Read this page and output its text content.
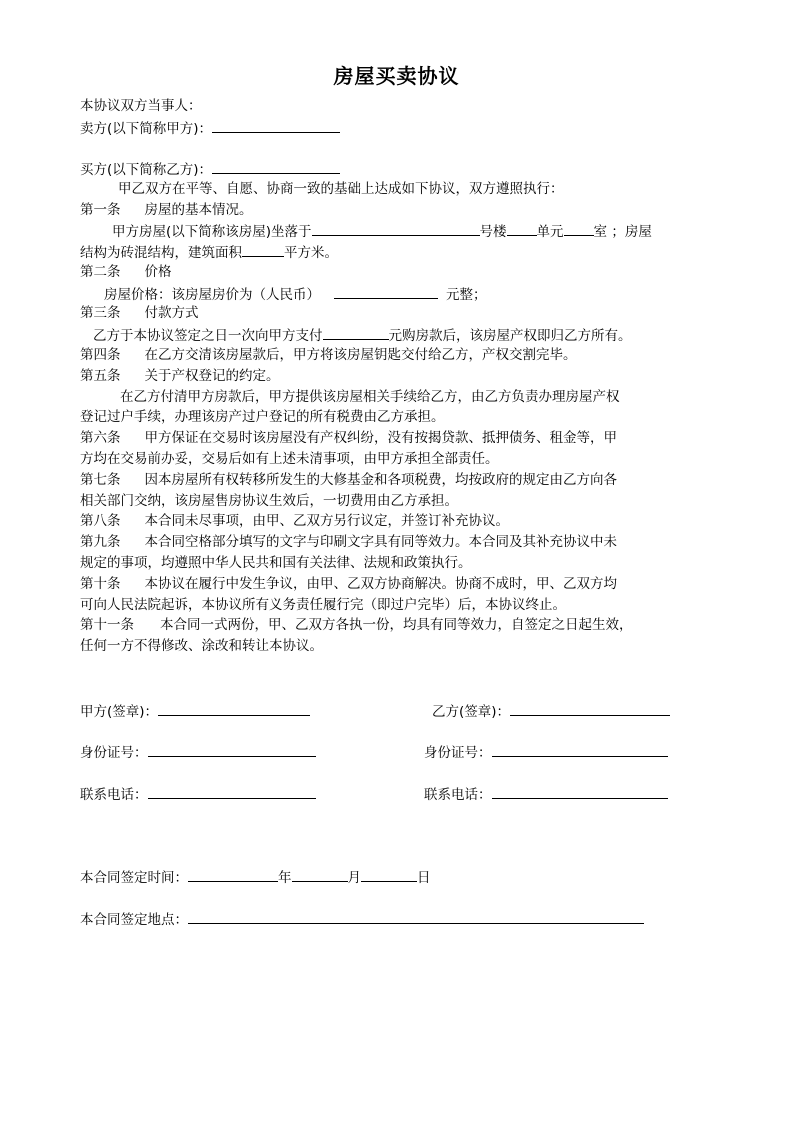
房屋买卖协议
本协议双方当事人：
卖方(以下简称甲方)：
买方(以下简称乙方)：
甲乙双方在平等、自愿、协商一致的基础上达成如下协议，双方遵照执行：
第一条 房屋的基本情况。
甲方房屋(以下简称该房屋)坐落于	号楼 单元 室 ；房屋
结构为砖混结构，建筑面积	平方米。
第二条 价格
房屋价格：该房屋房价为（人民币）	元整；
第三条 付款方式
乙方于本协议签定之日一次向甲方支付	元购房款后，该房屋产权即归乙方所有。
第四条 在乙方交清该房屋款后，甲方将该房屋钥匙交付给乙方，产权交割完毕。
第五条 关于产权登记的约定。
在乙方付清甲方房款后，甲方提供该房屋相关手续给乙方，由乙方负责办理房屋产权
登记过户手续，办理该房产过户登记的所有税费由乙方承担。
第六条 甲方保证在交易时该房屋没有产权纠纷，没有按揭贷款、抵押债务、租金等，甲
方均在交易前办妥，交易后如有上述未清事项，由甲方承担全部责任。
第七条 因本房屋所有权转移所发生的大修基金和各项税费，均按政府的规定由乙方向各
相关部门交纳，该房屋售房协议生效后，一切费用由乙方承担。
第八条 本合同未尽事项，由甲、乙双方另行议定，并签订补充协议。
第九条 本合同空格部分填写的文字与印刷文字具有同等效力。本合同及其补充协议中未
规定的事项，均遵照中华人民共和国有关法律、法规和政策执行。
第十条 本协议在履行中发生争议，由甲、乙双方协商解决。协商不成时，甲、乙双方均
可向人民法院起诉，本协议所有义务责任履行完（即过户完毕）后，本协议终止。
第十一条 本合同一式两份，甲、乙双方各执一份，均具有同等效力，自签定之日起生效，
任何一方不得修改、涂改和转让本协议。
甲方(签章)：	乙方(签章)：
身份证号：	身份证号：
联系电话：	联系电话：
本合同签定时间：	年	月	日
本合同签定地点：
